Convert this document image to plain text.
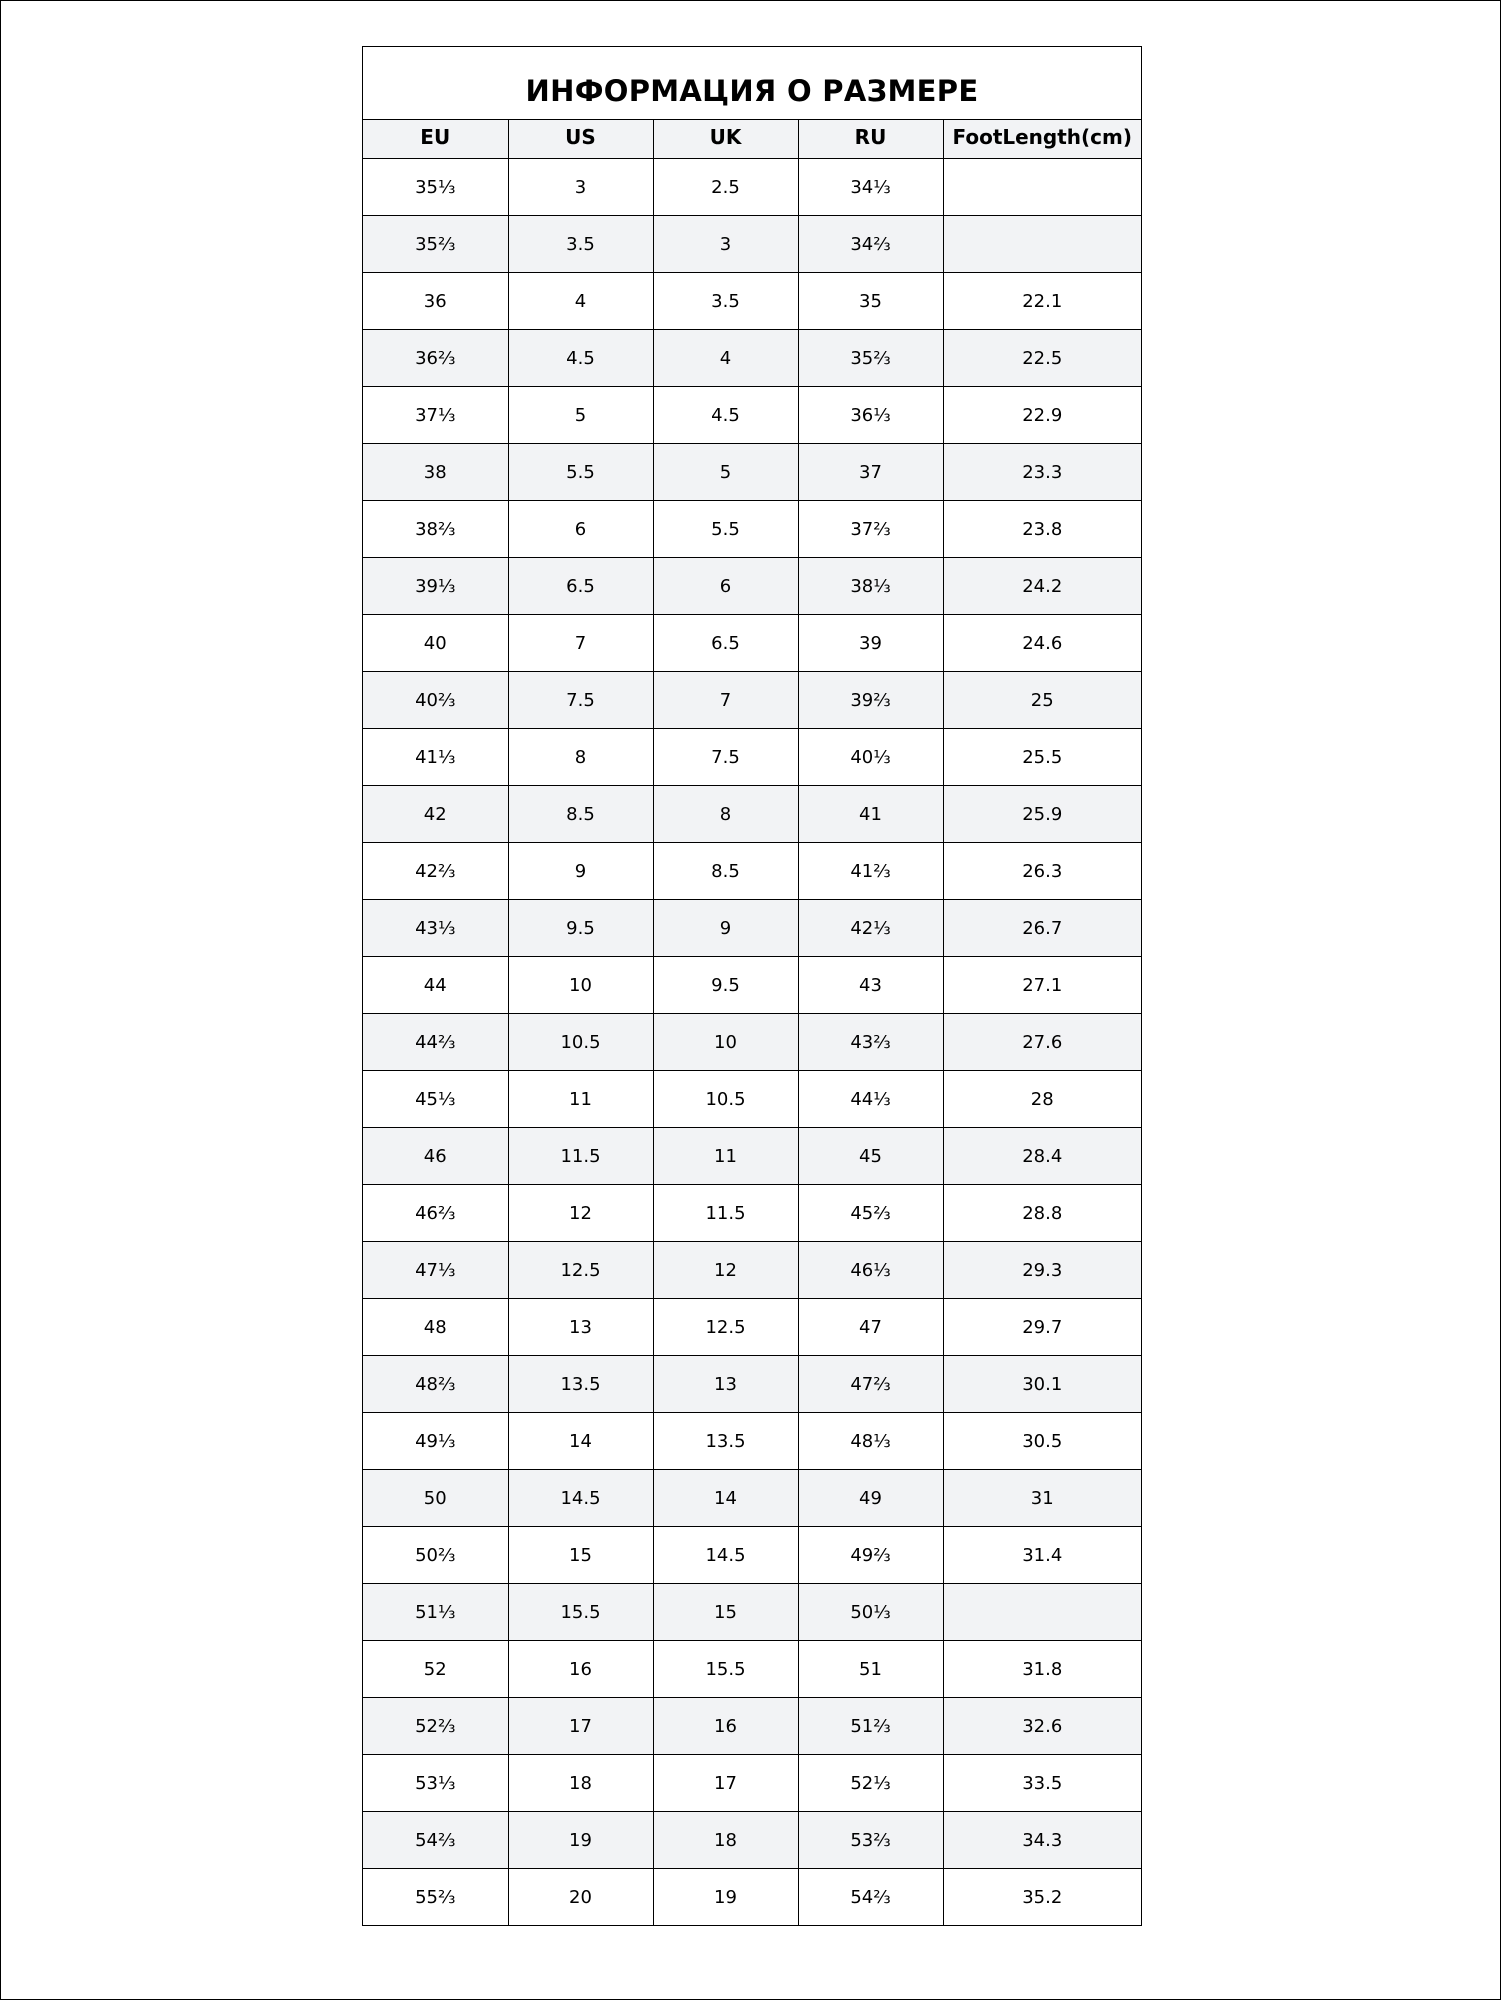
ИНФОРМАЦИЯ О РАЗМЕРЕ
EU	US	UK	RU	FootLength(cm)
35⅓	3	2.5	34⅓	
35⅔	3.5	3	34⅔	
36	4	3.5	35	22.1
36⅔	4.5	4	35⅔	22.5
37⅓	5	4.5	36⅓	22.9
38	5.5	5	37	23.3
38⅔	6	5.5	37⅔	23.8
39⅓	6.5	6	38⅓	24.2
40	7	6.5	39	24.6
40⅔	7.5	7	39⅔	25
41⅓	8	7.5	40⅓	25.5
42	8.5	8	41	25.9
42⅔	9	8.5	41⅔	26.3
43⅓	9.5	9	42⅓	26.7
44	10	9.5	43	27.1
44⅔	10.5	10	43⅔	27.6
45⅓	11	10.5	44⅓	28
46	11.5	11	45	28.4
46⅔	12	11.5	45⅔	28.8
47⅓	12.5	12	46⅓	29.3
48	13	12.5	47	29.7
48⅔	13.5	13	47⅔	30.1
49⅓	14	13.5	48⅓	30.5
50	14.5	14	49	31
50⅔	15	14.5	49⅔	31.4
51⅓	15.5	15	50⅓	
52	16	15.5	51	31.8
52⅔	17	16	51⅔	32.6
53⅓	18	17	52⅓	33.5
54⅔	19	18	53⅔	34.3
55⅔	20	19	54⅔	35.2
